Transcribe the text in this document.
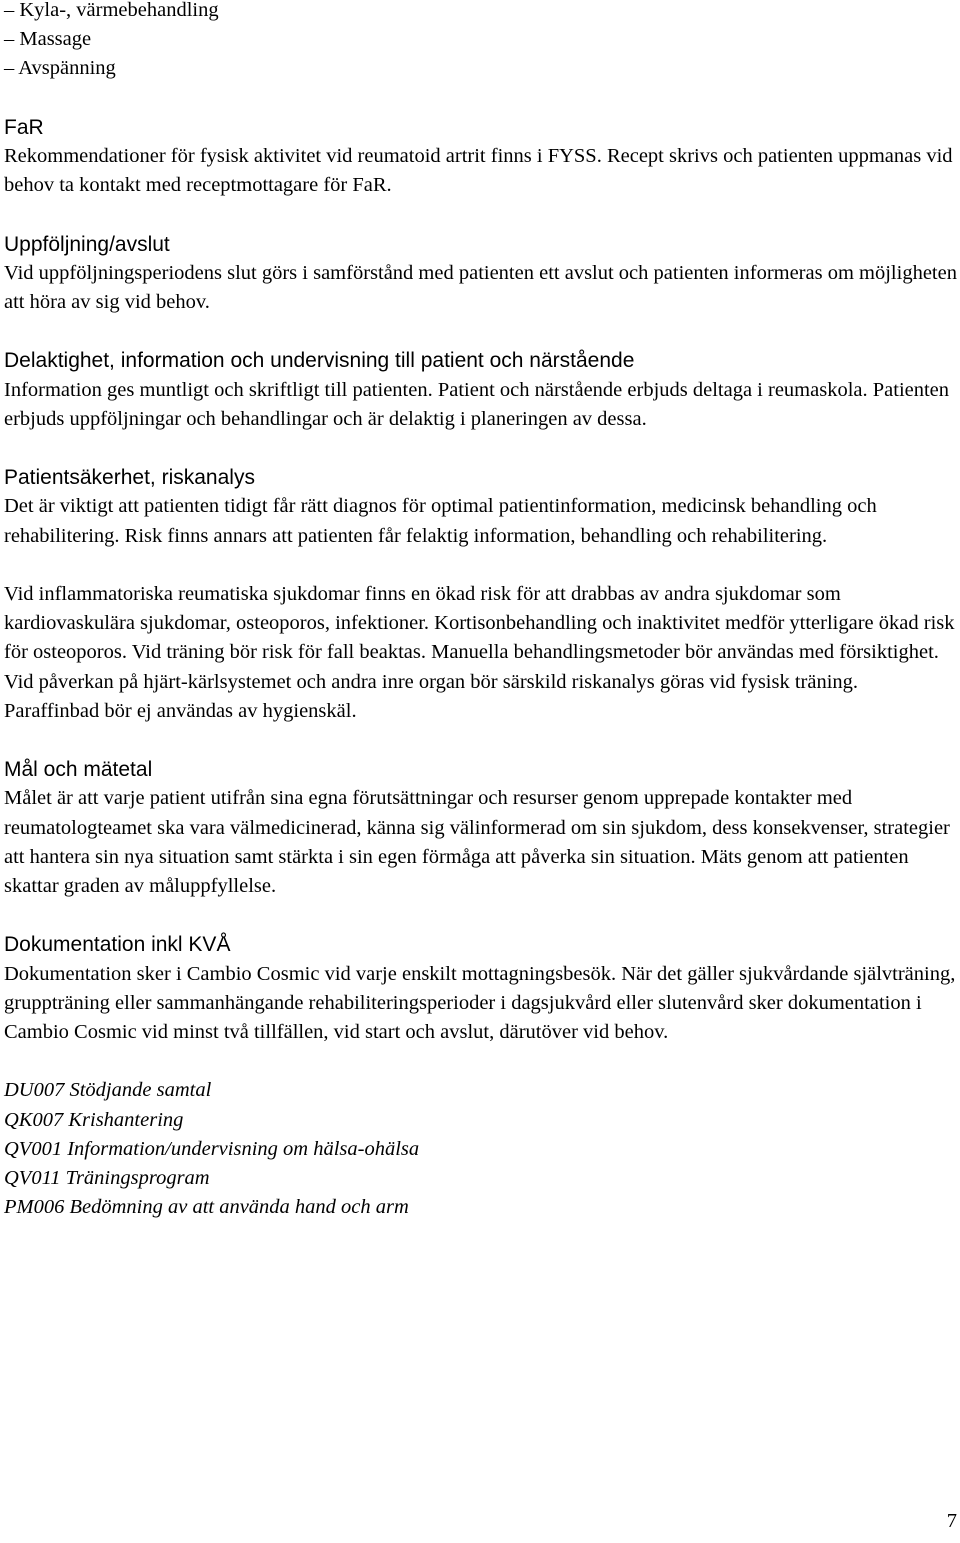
– Kyla-, värmebehandling
– Massage
– Avspänning
FaR

Rekommendationer för fysisk aktivitet vid reumatoid artrit finns i FYSS. Recept skrivs och patienten uppmanas vid behov ta kontakt med receptmottagare för FaR.

Uppföljning/avslut

Vid uppföljningsperiodens slut görs i samförstånd med patienten ett avslut och patienten informeras om möjligheten att höra av sig vid behov.

Delaktighet, information och undervisning till patient och närstående

Information ges muntligt och skriftligt till patienten. Patient och närstående erbjuds deltaga i reumaskola. Patienten erbjuds uppföljningar och behandlingar och är delaktig i planeringen av dessa.

Patientsäkerhet, riskanalys

Det är viktigt att patienten tidigt får rätt diagnos för optimal patientinformation, medicinsk behandling och rehabilitering. Risk finns annars att patienten får felaktig information, behandling och rehabilitering.

Vid inflammatoriska reumatiska sjukdomar finns en ökad risk för att drabbas av andra sjukdomar som kardiovaskulära sjukdomar, osteoporos, infektioner. Kortisonbehandling och inaktivitet medför ytterligare ökad risk för osteoporos. Vid träning bör risk för fall beaktas. Manuella behandlingsmetoder bör användas med försiktighet. Vid påverkan på hjärt-kärlsystemet och andra inre organ bör särskild riskanalys göras vid fysisk träning. Paraffinbad bör ej användas av hygienskäl.

Mål och mätetal

Målet är att varje patient utifrån sina egna förutsättningar och resurser genom upprepade kontakter med reumatologteamet ska vara välmedicinerad, känna sig välinformerad om sin sjukdom, dess konsekvenser, strategier att hantera sin nya situation samt stärkta i sin egen förmåga att påverka sin situation. Mäts genom att patienten skattar graden av måluppfyllelse.

Dokumentation inkl KVÅ

Dokumentation sker i Cambio Cosmic vid varje enskilt mottagningsbesök. När det gäller sjukvårdande självträning, gruppträning eller sammanhängande rehabiliteringsperioder i dagsjukvård eller slutenvård sker dokumentation i Cambio Cosmic vid minst två tillfällen, vid start och avslut, därutöver vid behov.

DU007 Stödjande samtal
QK007 Krishantering
QV001 Information/undervisning om hälsa-ohälsa
QV011 Träningsprogram
PM006 Bedömning av att använda hand och arm
7
